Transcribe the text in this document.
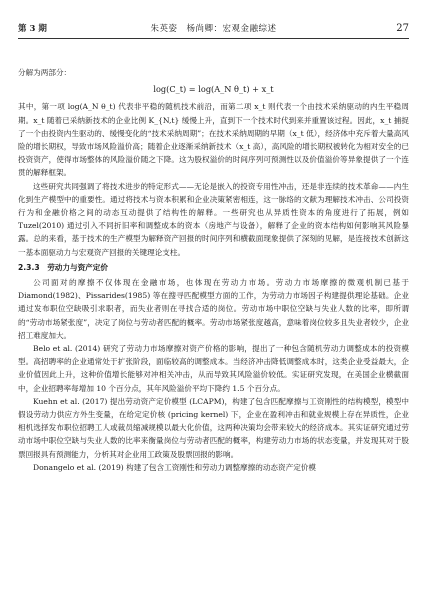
第 3 期	朱英姿　杨尚卿：宏观金融综述	27

分解为两部分：

log(C_t) = log(A_N θ_t) + x_t

其中，第一项 log(A_N θ_t) 代表非平稳的随机技术前沿，而第二项 x_t 则代表一个由技术采纳驱动的内生平稳周期。x_t 随着已采纳新技术的企业比例 K_{N,t} 缓慢上升，直到下一个技术时代到来并重置该过程。因此，x_t 捕捉了一个由投资内生驱动的、缓慢变化的“技术采纳周期”；在技术采纳周期的早期（x_t 低），经济体中充斥着大量高风险的增长期权，导致市场风险溢价高；随着企业逐渐采纳新技术（x_t 高），高风险的增长期权被转化为相对安全的已投资资产，使得市场整体的风险溢价随之下降。这为股权溢价的时间序列可预测性以及价值溢价等异象提供了一个连贯的解释框架。

这些研究共同强调了将技术进步的特定形式——无论是嵌入的投资专用性冲击，还是非连续的技术革命——内生化到生产模型中的重要性。通过将技术与资本积累和企业决策紧密相连，这一脉络的文献为理解技术冲击、公司投资行为和金融价格之间的动态互动提供了结构性的解释。一些研究也从异质性资本的角度进行了拓展，例如 Tuzel(2010) 通过引入不同折旧率和调整成本的资本（房地产与设备），解释了企业的资本结构如何影响其风险暴露。总的来看，基于技术的生产模型为解释资产回报的时间序列和横截面现象提供了深刻的见解，是连接技术创新这一基本面驱动力与宏观资产回报的关键理论支柱。

2.3.3　劳动力与资产定价

公司面对的摩擦不仅体现在金融市场，也体现在劳动力市场。劳动力市场摩擦的微观机制已基于 Diamond(1982)、Pissarides(1985) 等在搜寻匹配模型方面的工作，为劳动力市场因子构建提供理论基础。企业通过发布职位空缺吸引求职者，而失业者则在寻找合适的岗位。劳动市场中职位空缺与失业人数的比率，即所谓的“劳动市场紧张度”，决定了岗位与劳动者匹配的概率。劳动市场紧张度越高，意味着岗位较多且失业者较少，企业招工难度加大。

Belo et al. (2014) 研究了劳动力市场摩擦对资产价格的影响，提出了一种包含随机劳动力调整成本的投资模型。高招聘率的企业通常处于扩张阶段，面临较高的调整成本。当经济冲击降低调整成本时，这类企业受益最大，企业价值因此上升，这种价值增长能够对冲相关冲击，从而导致其风险溢价较低。实证研究发现，在美国企业横截面中，企业招聘率每增加 10 个百分点，其年风险溢价平均下降约 1.5 个百分点。

Kuehn et al. (2017) 提出劳动资产定价模型 (LCAPM)，构建了包含匹配摩擦与工资刚性的结构模型，模型中假设劳动力供应方外生变量，在给定定价核 (pricing kernel) 下，企业在盈利冲击和就业规模上存在异质性，企业相机选择发布职位招聘工人或裁员缩减规模以最大化价值，这两种决策均会带来较大的经济成本。其实证研究通过劳动市场中职位空缺与失业人数的比率来衡量岗位与劳动者匹配的概率，构建劳动力市场的状态变量，并发现其对于股票回报具有预测能力，分析其对企业用工政策及股票回报的影响。

Donangelo et al. (2019) 构建了包含工资刚性和劳动力调整摩擦的动态资产定价模
